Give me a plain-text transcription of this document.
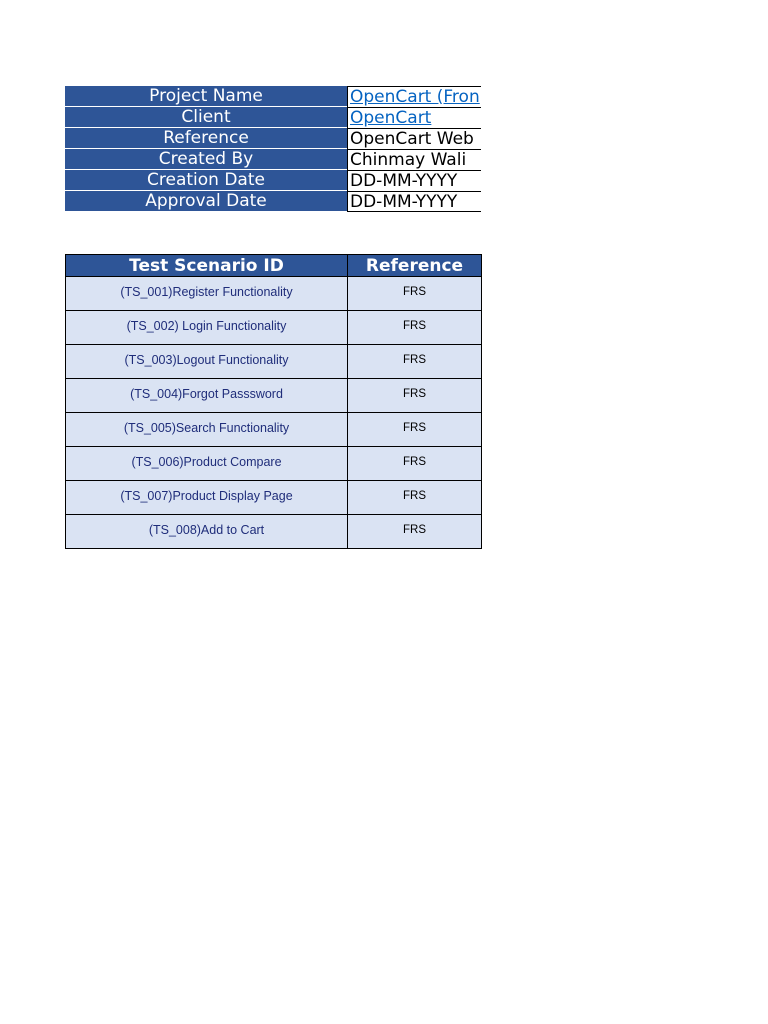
Project Name	OpenCart (Fron
Client	OpenCart
Reference	OpenCart Web
Created By	Chinmay Wali
Creation Date	DD-MM-YYYY
Approval Date	DD-MM-YYYY
Test Scenario ID	Reference
(TS_001)Register Functionality	FRS
(TS_002) Login Functionality	FRS
(TS_003)Logout Functionality	FRS
(TS_004)Forgot Passsword	FRS
(TS_005)Search Functionality	FRS
(TS_006)Product Compare	FRS
(TS_007)Product Display Page	FRS
(TS_008)Add to Cart	FRS
